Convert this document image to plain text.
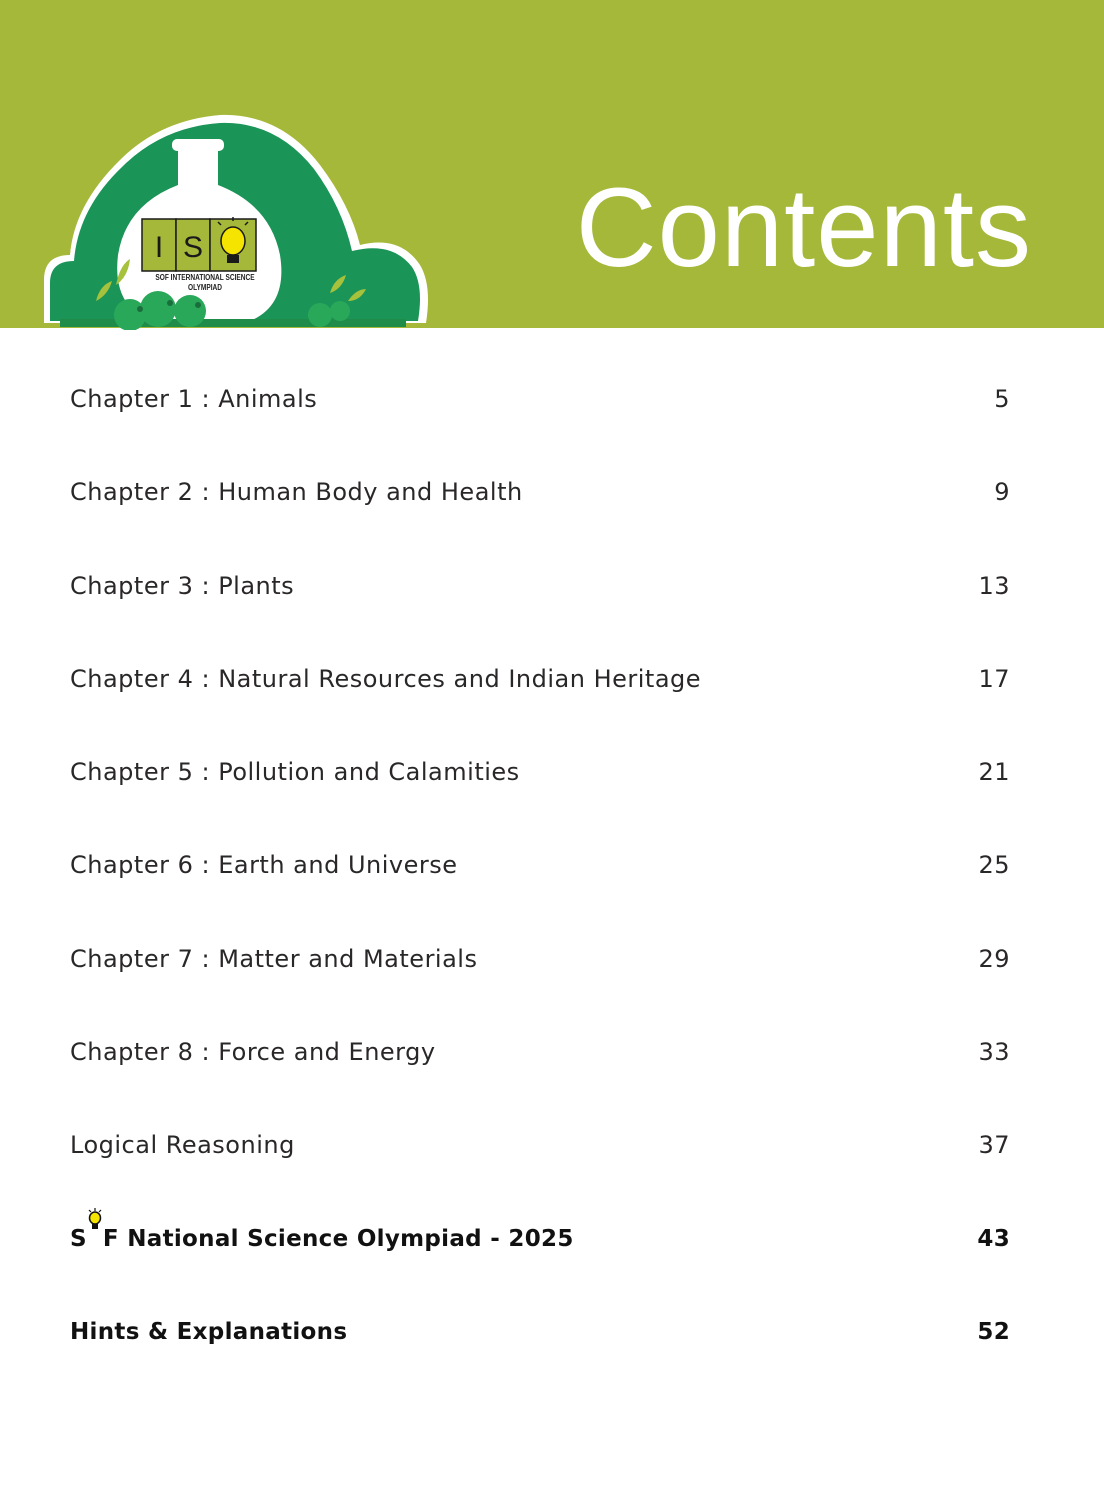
I S
SOF INTERNATIONAL SCIENCE
OLYMPIAD	Contents
Chapter 1 : Animals	5
Chapter 2 : Human Body and Health	9
Chapter 3 : Plants	13
Chapter 4 : Natural Resources and Indian Heritage	17
Chapter 5 : Pollution and Calamities	21
Chapter 6 : Earth and Universe	25
Chapter 7 : Matter and Materials	29
Chapter 8 : Force and Energy	33
Logical Reasoning	37
S F National Science Olympiad - 2025	43
Hints & Explanations	52
